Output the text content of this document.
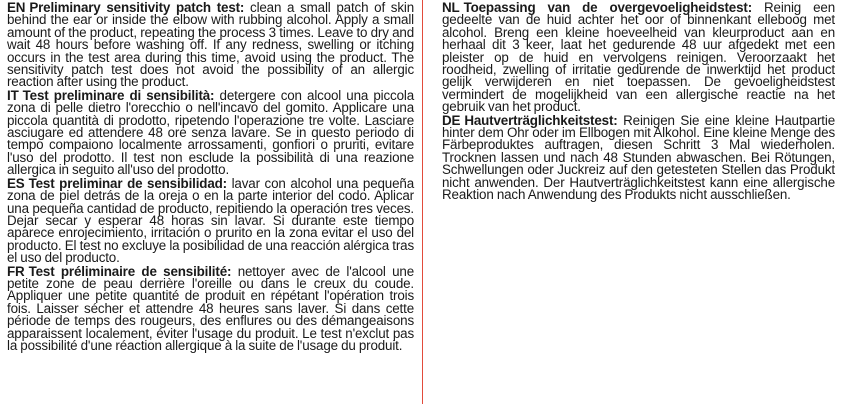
EN Preliminary sensitivity patch test: clean a small patch of skin behind the ear or inside the elbow with rubbing alcohol. Apply a small amount of the product, repeating the process 3 times. Leave to dry and wait 48 hours before washing off. If any redness, swelling or itching occurs in the test area during this time, avoid using the product. The sensitivity patch test does not avoid the possibility of an allergic reaction after using the product.

IT Test preliminare di sensibilità: detergere con alcool una piccola zona di pelle dietro l'orecchio o nell'incavo del gomito. Applicare una piccola quantità di prodotto, ripetendo l'operazione tre volte. Lasciare asciugare ed attendere 48 ore senza lavare. Se in questo periodo di tempo compaiono localmente arrossamenti, gonfiori o pruriti, evitare l'uso del prodotto. Il test non esclude la possibilità di una reazione allergica in seguito all'uso del prodotto.

ES Test preliminar de sensibilidad: lavar con alcohol una pequeña zona de piel detrás de la oreja o en la parte interior del codo. Aplicar una pequeña cantidad de producto, repitiendo la operación tres veces. Dejar secar y esperar 48 horas sin lavar. Si durante este tiempo aparece enrojecimiento, irritación o prurito en la zona evitar el uso del producto. El test no excluye la posibilidad de una reacción alérgica tras el uso del producto.

FR Test préliminaire de sensibilité: nettoyer avec de l'alcool une petite zone de peau derrière l'oreille ou dans le creux du coude. Appliquer une petite quantité de produit en répétant l'opération trois fois. Laisser sécher et attendre 48 heures sans laver. Si dans cette période de temps des rougeurs, des enflures ou des démangeaisons apparaissent localement, éviter l'usage du produit. Le test n'exclut pas la possibilité d'une réaction allergique à la suite de l'usage du produit.

NL Toepassing van de overgevoeligheidstest: Reinig een gedeelte van de huid achter het oor of binnenkant elleboog met alcohol. Breng een kleine hoeveelheid van kleurproduct aan en herhaal dit 3 keer, laat het gedurende 48 uur afgedekt met een pleister op de huid en vervolgens reinigen. Veroorzaakt het roodheid, zwelling of irritatie gedurende de inwerktijd het product gelijk verwijderen en niet toepassen. De gevoeligheidstest vermindert de mogelijkheid van een allergische reactie na het gebruik van het product.

DE Hautverträglichkeitstest: Reinigen Sie eine kleine Hautpartie hinter dem Ohr oder im Ellbogen mit Alkohol. Eine kleine Menge des Färbeproduktes auftragen, diesen Schritt 3 Mal wiederholen. Trocknen lassen und nach 48 Stunden abwaschen. Bei Rötungen, Schwellungen oder Juckreiz auf den getesteten Stellen das Produkt nicht anwenden. Der Hautverträglichkeitstest kann eine allergische Reaktion nach Anwendung des Produkts nicht ausschließen.
